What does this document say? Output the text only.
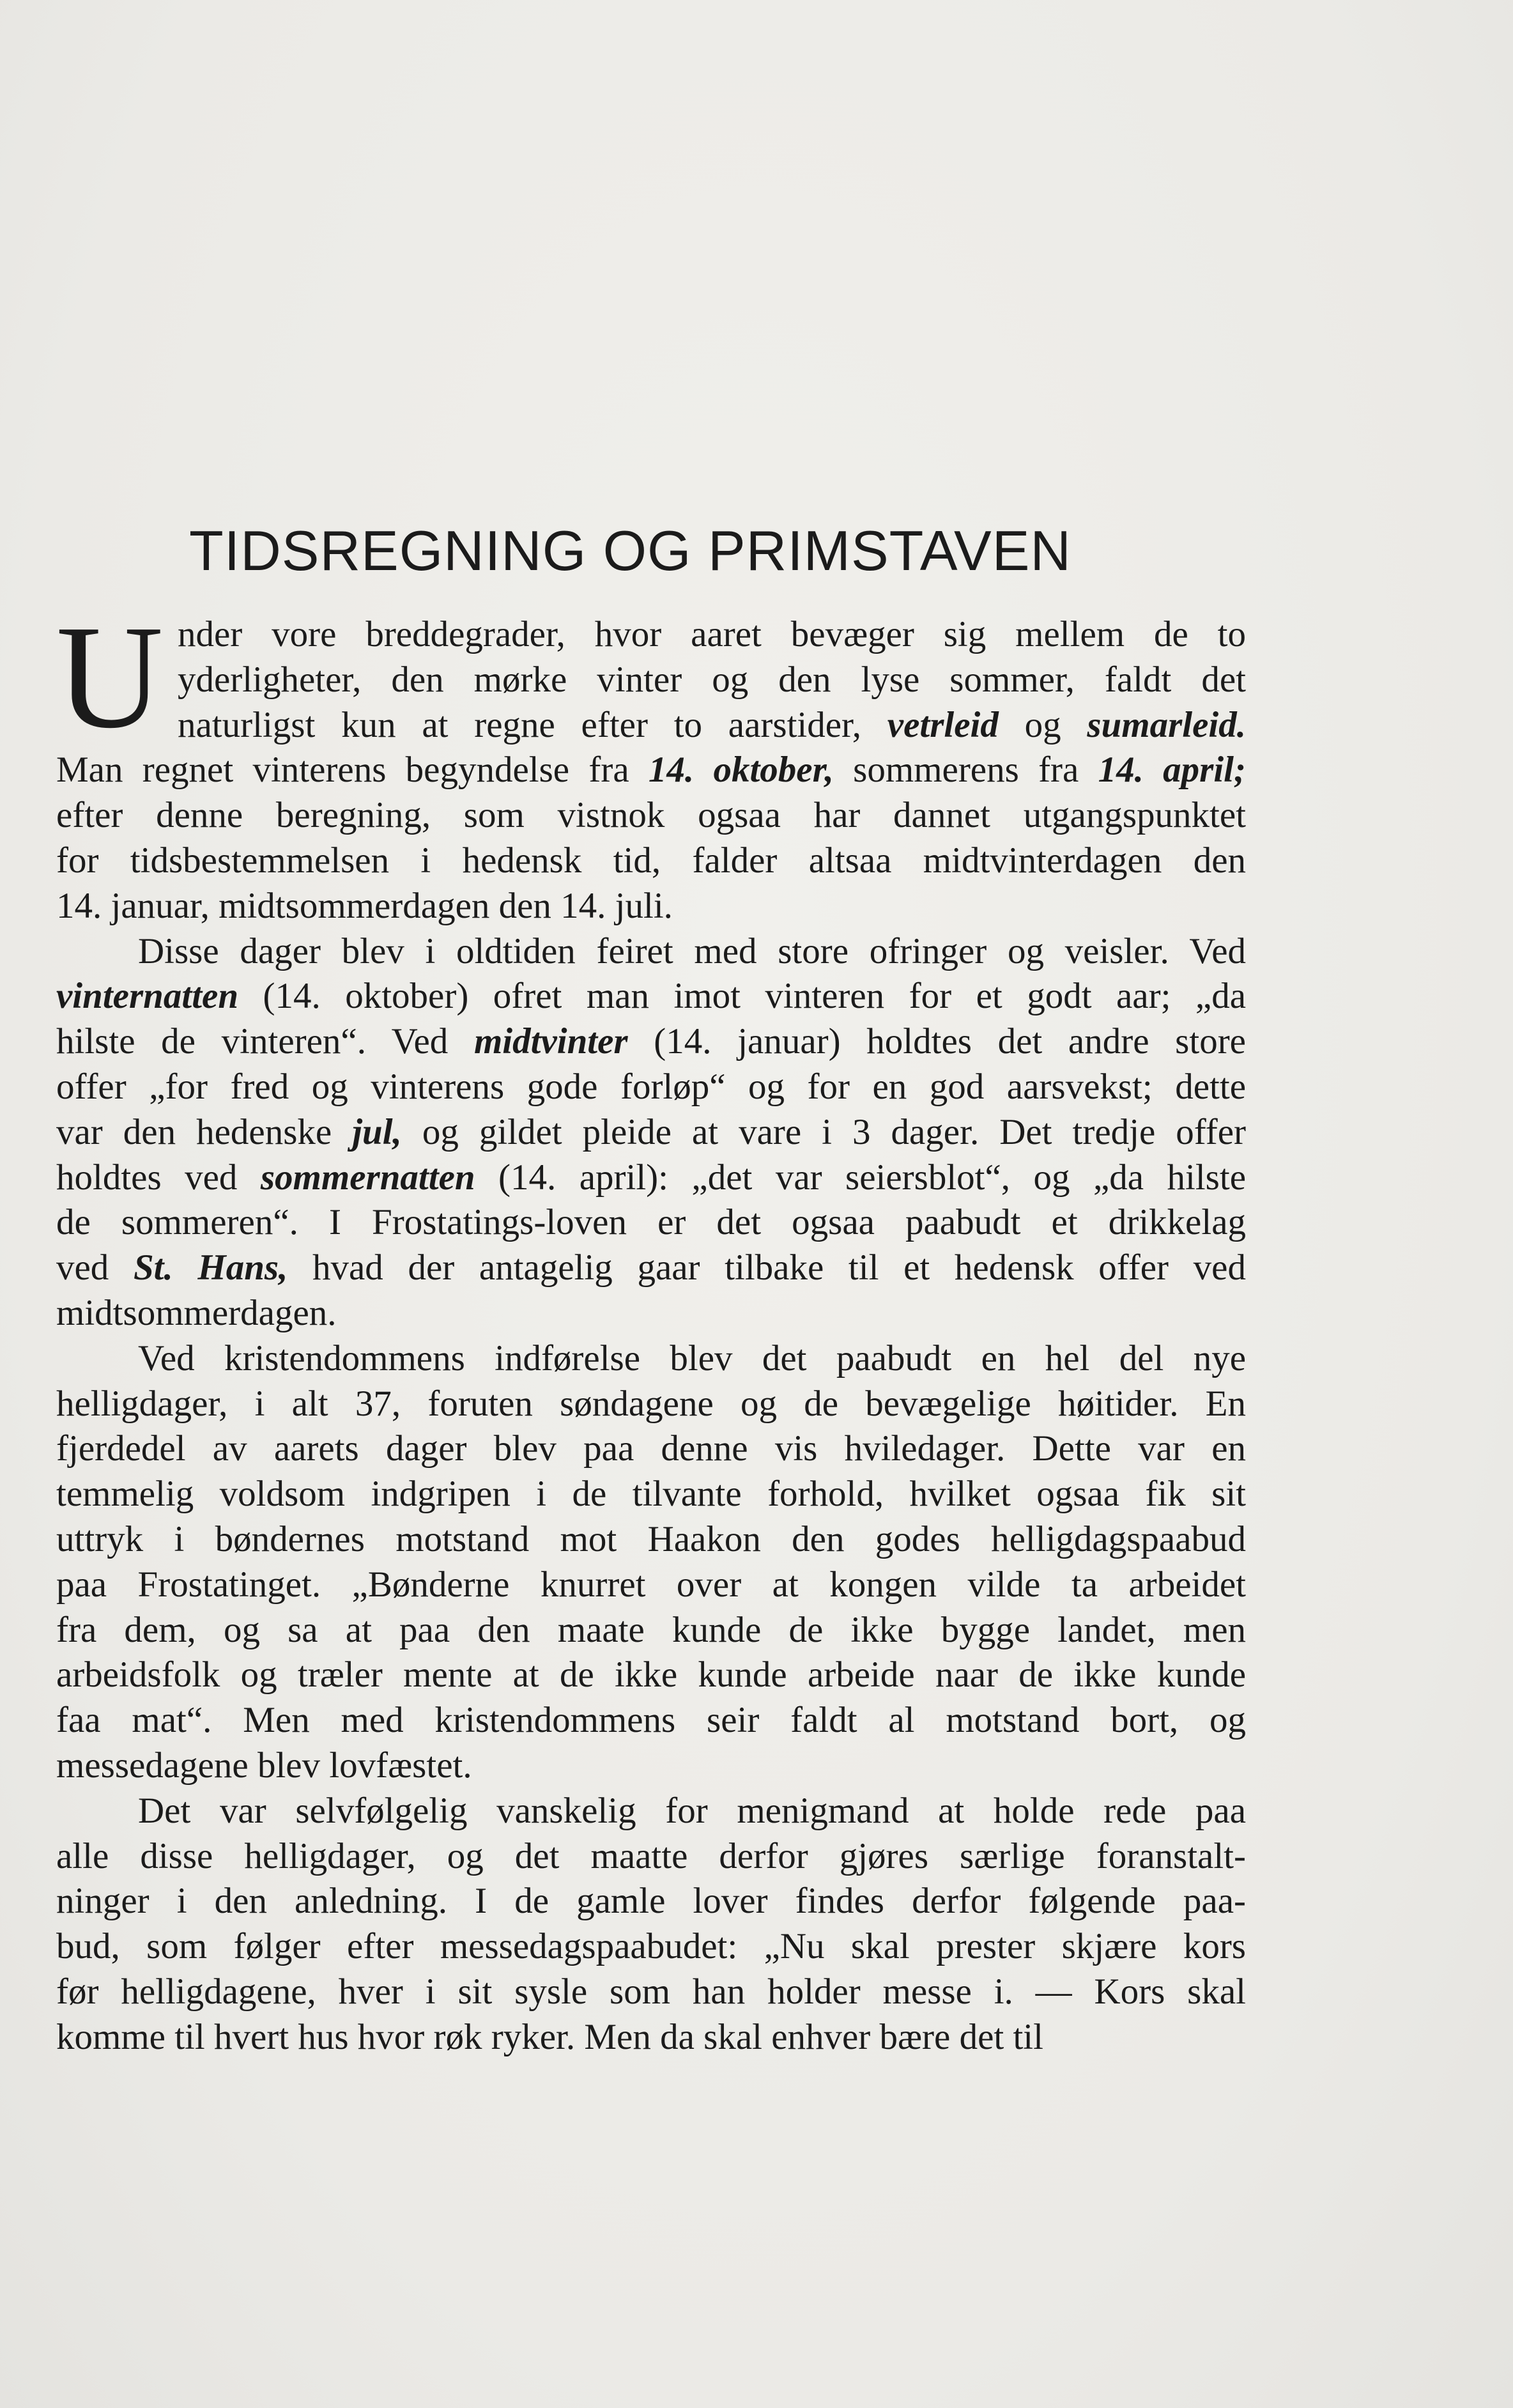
TIDSREGNING OG PRIMSTAVEN
U nder vore breddegrader, hvor aaret bevæger sig mellem de to
yderligheter, den mørke vinter og den lyse sommer, faldt det
naturligst kun at regne efter to aarstider, vetrleid og sumarleid.
Man regnet vinterens begyndelse fra 14. oktober, sommerens fra 14. april;
efter denne beregning, som vistnok ogsaa har dannet utgangspunktet
for tidsbestemmelsen i hedensk tid, falder altsaa midtvinterdagen den
14. januar, midtsommerdagen den 14. juli.
Disse dager blev i oldtiden feiret med store ofringer og veisler. Ved
vinternatten (14. oktober) ofret man imot vinteren for et godt aar; „da
hilste de vinteren“. Ved midtvinter (14. januar) holdtes det andre store
offer „for fred og vinterens gode forløp“ og for en god aarsvekst; dette
var den hedenske jul, og gildet pleide at vare i 3 dager. Det tredje offer
holdtes ved sommernatten (14. april): „det var seiersblot“, og „da hilste
de sommeren“. I Frostatings-loven er det ogsaa paabudt et drikkelag
ved St. Hans, hvad der antagelig gaar tilbake til et hedensk offer ved
midtsommerdagen.
Ved kristendommens indførelse blev det paabudt en hel del nye
helligdager, i alt 37, foruten søndagene og de bevægelige høitider. En
fjerdedel av aarets dager blev paa denne vis hviledager. Dette var en
temmelig voldsom indgripen i de tilvante forhold, hvilket ogsaa fik sit
uttryk i bøndernes motstand mot Haakon den godes helligdagspaabud
paa Frostatinget. „Bønderne knurret over at kongen vilde ta arbeidet
fra dem, og sa at paa den maate kunde de ikke bygge landet, men
arbeidsfolk og træler mente at de ikke kunde arbeide naar de ikke kunde
faa mat“. Men med kristendommens seir faldt al motstand bort, og
messedagene blev lovfæstet.
Det var selvfølgelig vanskelig for menigmand at holde rede paa
alle disse helligdager, og det maatte derfor gjøres særlige foranstalt-
ninger i den anledning. I de gamle lover findes derfor følgende paa-
bud, som følger efter messedagspaabudet: „Nu skal prester skjære kors
før helligdagene, hver i sit sysle som han holder messe i. — Kors skal
komme til hvert hus hvor røk ryker. Men da skal enhver bære det til
